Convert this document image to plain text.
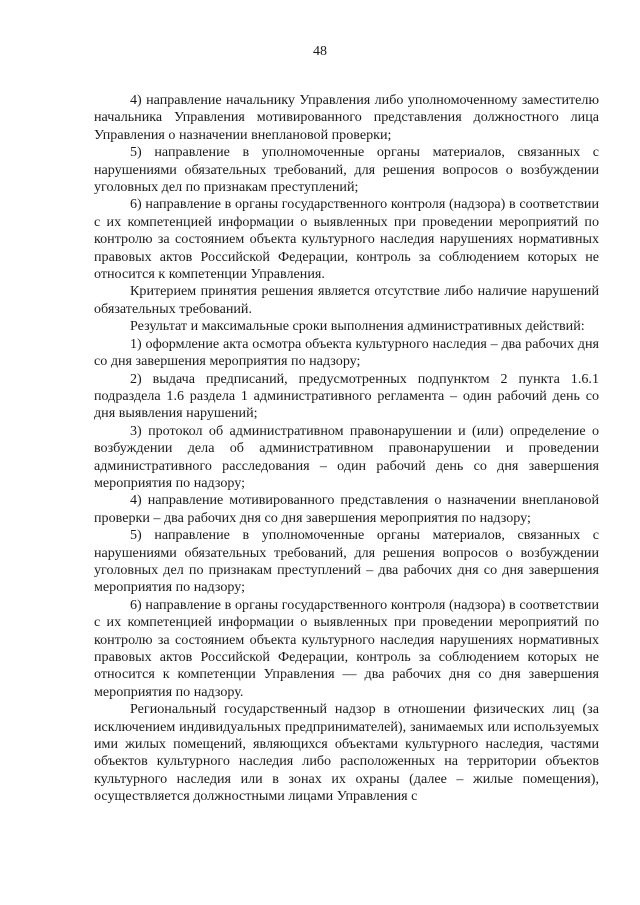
48

4) направление начальнику Управления либо уполномоченному заместителю начальника Управления мотивированного представления должностного лица Управления о назначении внеплановой проверки;

5) направление в уполномоченные органы материалов, связанных с нарушениями обязательных требований, для решения вопросов о возбуждении уголовных дел по признакам преступлений;

6) направление в органы государственного контроля (надзора) в соответствии с их компетенцией информации о выявленных при проведении мероприятий по контролю за состоянием объекта культурного наследия нарушениях нормативных правовых актов Российской Федерации, контроль за соблюдением которых не относится к компетенции Управления.

Критерием принятия решения является отсутствие либо наличие нарушений обязательных требований.

Результат и максимальные сроки выполнения административных действий:

1) оформление акта осмотра объекта культурного наследия – два рабочих дня со дня завершения мероприятия по надзору;

2) выдача предписаний, предусмотренных подпунктом 2 пункта 1.6.1 подраздела 1.6 раздела 1 административного регламента – один рабочий день со дня выявления нарушений;

3) протокол об административном правонарушении и (или) определение о возбуждении дела об административном правонарушении и проведении административного расследования – один рабочий день со дня завершения мероприятия по надзору;

4) направление мотивированного представления о назначении внеплановой проверки – два рабочих дня со дня завершения мероприятия по надзору;

5) направление в уполномоченные органы материалов, связанных с нарушениями обязательных требований, для решения вопросов о возбуждении уголовных дел по признакам преступлений – два рабочих дня со дня завершения мероприятия по надзору;

6) направление в органы государственного контроля (надзора) в соответствии с их компетенцией информации о выявленных при проведении мероприятий по контролю за состоянием объекта культурного наследия нарушениях нормативных правовых актов Российской Федерации, контроль за соблюдением которых не относится к компетенции Управления — два рабочих дня со дня завершения мероприятия по надзору.

Региональный государственный надзор в отношении физических лиц (за исключением индивидуальных предпринимателей), занимаемых или используемых ими жилых помещений, являющихся объектами культурного наследия, частями объектов культурного наследия либо расположенных на территории объектов культурного наследия или в зонах их охраны (далее – жилые помещения), осуществляется должностными лицами Управления с
